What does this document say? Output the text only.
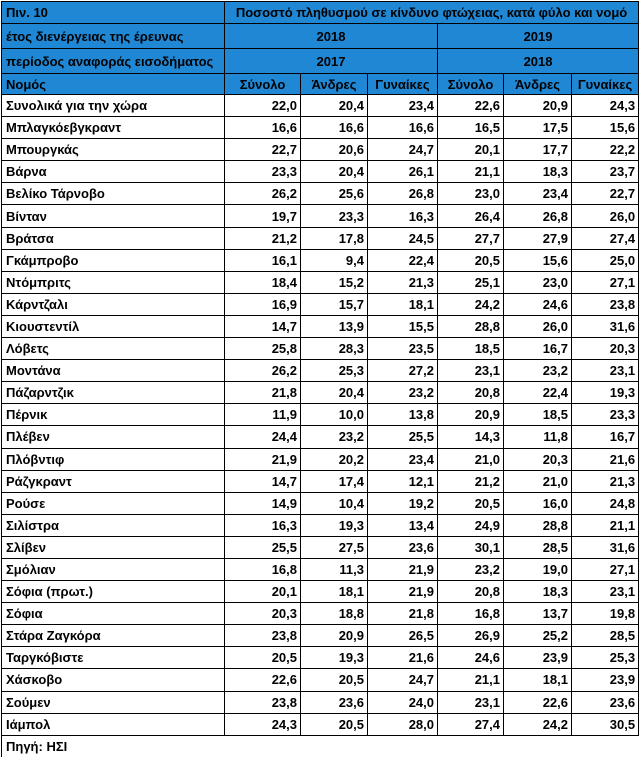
Πιν. 10	Ποσοστό πληθυσμού σε κίνδυνο φτώχειας, κατά φύλο και νομό					
έτος διενέργειας της έρευνας	2018			2019		
περίοδος αναφοράς εισοδήματος	2017			2018		
Νομός	Σύνολο	Άνδρες	Γυναίκες	Σύνολο	Άνδρες	Γυναίκες
Συνολικά για την χώρα	22,0	20,4	23,4	22,6	20,9	24,3
Μπλαγκόεβγκραντ	16,6	16,6	16,6	16,5	17,5	15,6
Μπουργκάς	22,7	20,6	24,7	20,1	17,7	22,2
Βάρνα	23,3	20,4	26,1	21,1	18,3	23,7
Βελίκο Τάρνοβο	26,2	25,6	26,8	23,0	23,4	22,7
Βίνταν	19,7	23,3	16,3	26,4	26,8	26,0
Βράτσα	21,2	17,8	24,5	27,7	27,9	27,4
Γκάμπροβο	16,1	9,4	22,4	20,5	15,6	25,0
Ντόμπριτς	18,4	15,2	21,3	25,1	23,0	27,1
Κάρντζαλι	16,9	15,7	18,1	24,2	24,6	23,8
Κιουστεντίλ	14,7	13,9	15,5	28,8	26,0	31,6
Λόβετς	25,8	28,3	23,5	18,5	16,7	20,3
Μοντάνα	26,2	25,3	27,2	23,1	23,2	23,1
Πάζαρντζικ	21,8	20,4	23,2	20,8	22,4	19,3
Πέρνικ	11,9	10,0	13,8	20,9	18,5	23,3
Πλέβεν	24,4	23,2	25,5	14,3	11,8	16,7
Πλόβντιφ	21,9	20,2	23,4	21,0	20,3	21,6
Ράζγκραντ	14,7	17,4	12,1	21,2	21,0	21,3
Ρούσε	14,9	10,4	19,2	20,5	16,0	24,8
Σιλίστρα	16,3	19,3	13,4	24,9	28,8	21,1
Σλίβεν	25,5	27,5	23,6	30,1	28,5	31,6
Σμόλιαν	16,8	11,3	21,9	23,2	19,0	27,1
Σόφια (πρωτ.)	20,1	18,1	21,9	20,8	18,3	23,1
Σόφια	20,3	18,8	21,8	16,8	13,7	19,8
Στάρα Ζαγκόρα	23,8	20,9	26,5	26,9	25,2	28,5
Ταργκόβιστε	20,5	19,3	21,6	24,6	23,9	25,3
Χάσκοβο	22,6	20,5	24,7	21,1	18,1	23,9
Σούμεν	23,8	23,6	24,0	23,1	22,6	23,6
Ιάμπολ	24,3	20,5	28,0	27,4	24,2	30,5
Πηγή: ΗΣΙ						
